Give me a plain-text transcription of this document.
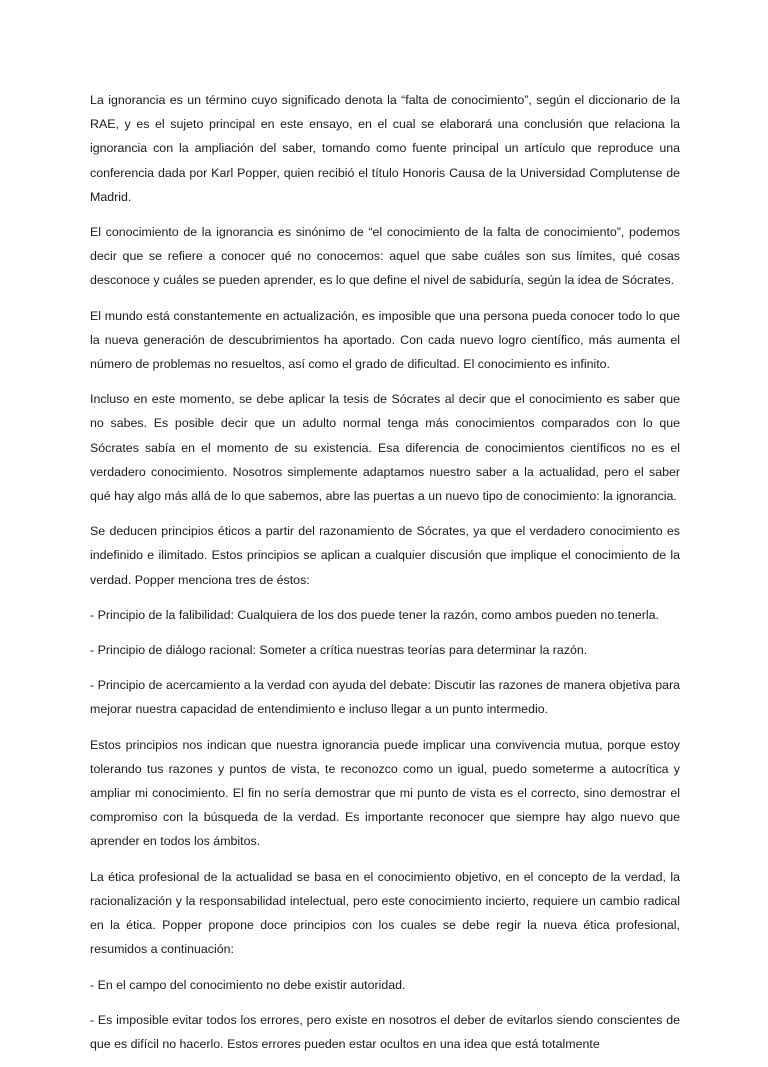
La ignorancia es un término cuyo significado denota la “falta de conocimiento”, según el diccionario de la RAE, y es el sujeto principal en este ensayo, en el cual se elaborará una conclusión que relaciona la ignorancia con la ampliación del saber, tomando como fuente principal un artículo que reproduce una conferencia dada por Karl Popper, quien recibió el título Honoris Causa de la Universidad Complutense de Madrid.

El conocimiento de la ignorancia es sinónimo de “el conocimiento de la falta de conocimiento”, podemos decir que se refiere a conocer qué no conocemos: aquel que sabe cuáles son sus límites, qué cosas desconoce y cuáles se pueden aprender, es lo que define el nivel de sabiduría, según la idea de Sócrates.

El mundo está constantemente en actualización, es imposible que una persona pueda conocer todo lo que la nueva generación de descubrimientos ha aportado. Con cada nuevo logro científico, más aumenta el número de problemas no resueltos, así como el grado de dificultad. El conocimiento es infinito.

Incluso en este momento, se debe aplicar la tesis de Sócrates al decir que el conocimiento es saber que no sabes. Es posible decir que un adulto normal tenga más conocimientos comparados con lo que Sócrates sabía en el momento de su existencia. Esa diferencia de conocimientos científicos no es el verdadero conocimiento. Nosotros simplemente adaptamos nuestro saber a la actualidad, pero el saber qué hay algo más allá de lo que sabemos, abre las puertas a un nuevo tipo de conocimiento: la ignorancia.

Se deducen principios éticos a partir del razonamiento de Sócrates, ya que el verdadero conocimiento es indefinido e ilimitado. Estos principios se aplican a cualquier discusión que implique el conocimiento de la verdad. Popper menciona tres de éstos:

- Principio de la falibilidad: Cualquiera de los dos puede tener la razón, como ambos pueden no tenerla.

- Principio de diálogo racional: Someter a crítica nuestras teorías para determinar la razón.

- Principio de acercamiento a la verdad con ayuda del debate: Discutir las razones de manera objetiva para mejorar nuestra capacidad de entendimiento e incluso llegar a un punto intermedio.

Estos principios nos indican que nuestra ignorancia puede implicar una convivencia mutua, porque estoy tolerando tus razones y puntos de vista, te reconozco como un igual, puedo someterme a autocrítica y ampliar mi conocimiento. El fin no sería demostrar que mi punto de vista es el correcto, sino demostrar el compromiso con la búsqueda de la verdad. Es importante reconocer que siempre hay algo nuevo que aprender en todos los ámbitos.

La ética profesional de la actualidad se basa en el conocimiento objetivo, en el concepto de la verdad, la racionalización y la responsabilidad intelectual, pero este conocimiento incierto, requiere un cambio radical en la ética. Popper propone doce principios con los cuales se debe regir la nueva ética profesional, resumidos a continuación:

- En el campo del conocimiento no debe existir autoridad.

- Es imposible evitar todos los errores, pero existe en nosotros el deber de evitarlos siendo conscientes de que es difícil no hacerlo. Estos errores pueden estar ocultos en una idea que está totalmente
